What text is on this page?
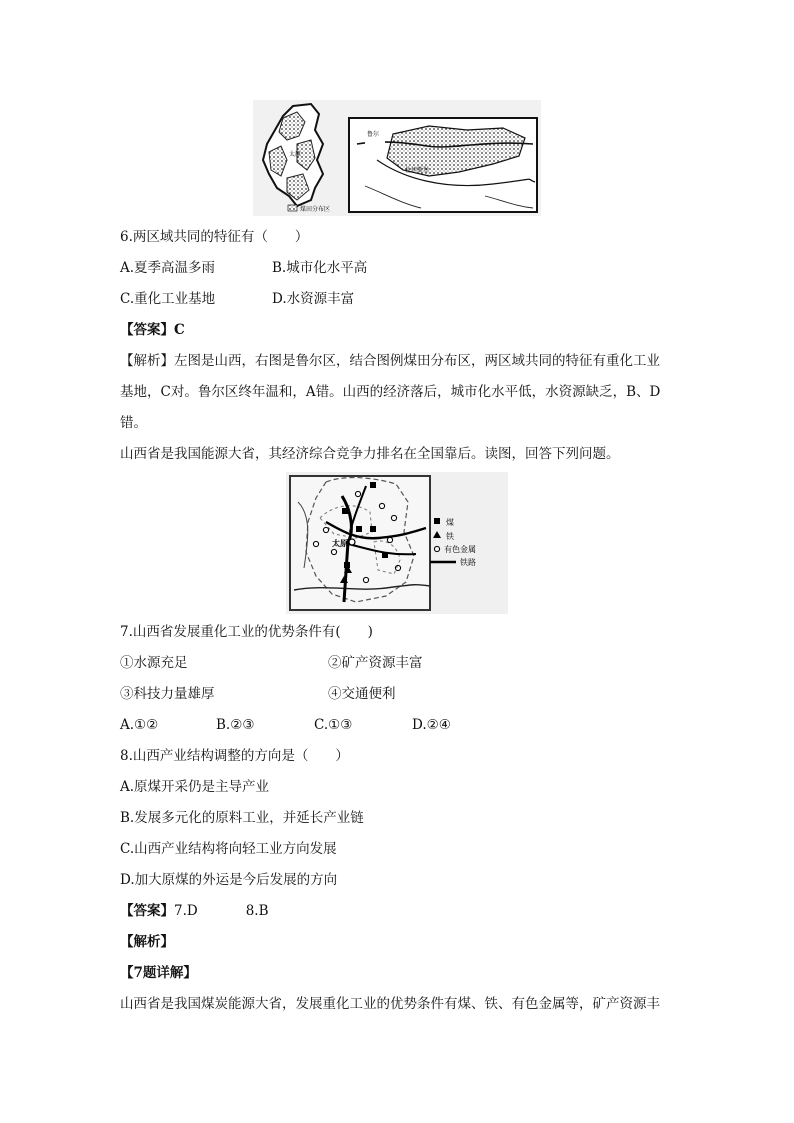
太原
煤田分布区
鲁尔
杜伊斯堡
6.两区域共同的特征有（　　）
A.夏季高温多雨	B.城市化水平高
C.重化工业基地	D.水资源丰富
【答案】C
【解析】左图是山西，右图是鲁尔区，结合图例煤田分布区，两区域共同的特征有重化工业
基地，C对。鲁尔区终年温和，A错。山西的经济落后，城市化水平低，水资源缺乏，B、D
错。
山西省是我国能源大省，其经济综合竞争力排名在全国靠后。读图，回答下列问题。
太原
煤
铁
有色金属
铁路
7.山西省发展重化工业的优势条件有(　　)
①水源充足	②矿产资源丰富
③科技力量雄厚	④交通便利
A.①②	B.②③	C.①③	D.②④
8.山西产业结构调整的方向是（　　）
A.原煤开采仍是主导产业
B.发展多元化的原料工业，并延长产业链
C.山西产业结构将向轻工业方向发展
D.加大原煤的外运是今后发展的方向
【答案】7.D	8.B
【解析】
【7题详解】
山西省是我国煤炭能源大省，发展重化工业的优势条件有煤、铁、有色金属等，矿产资源丰
